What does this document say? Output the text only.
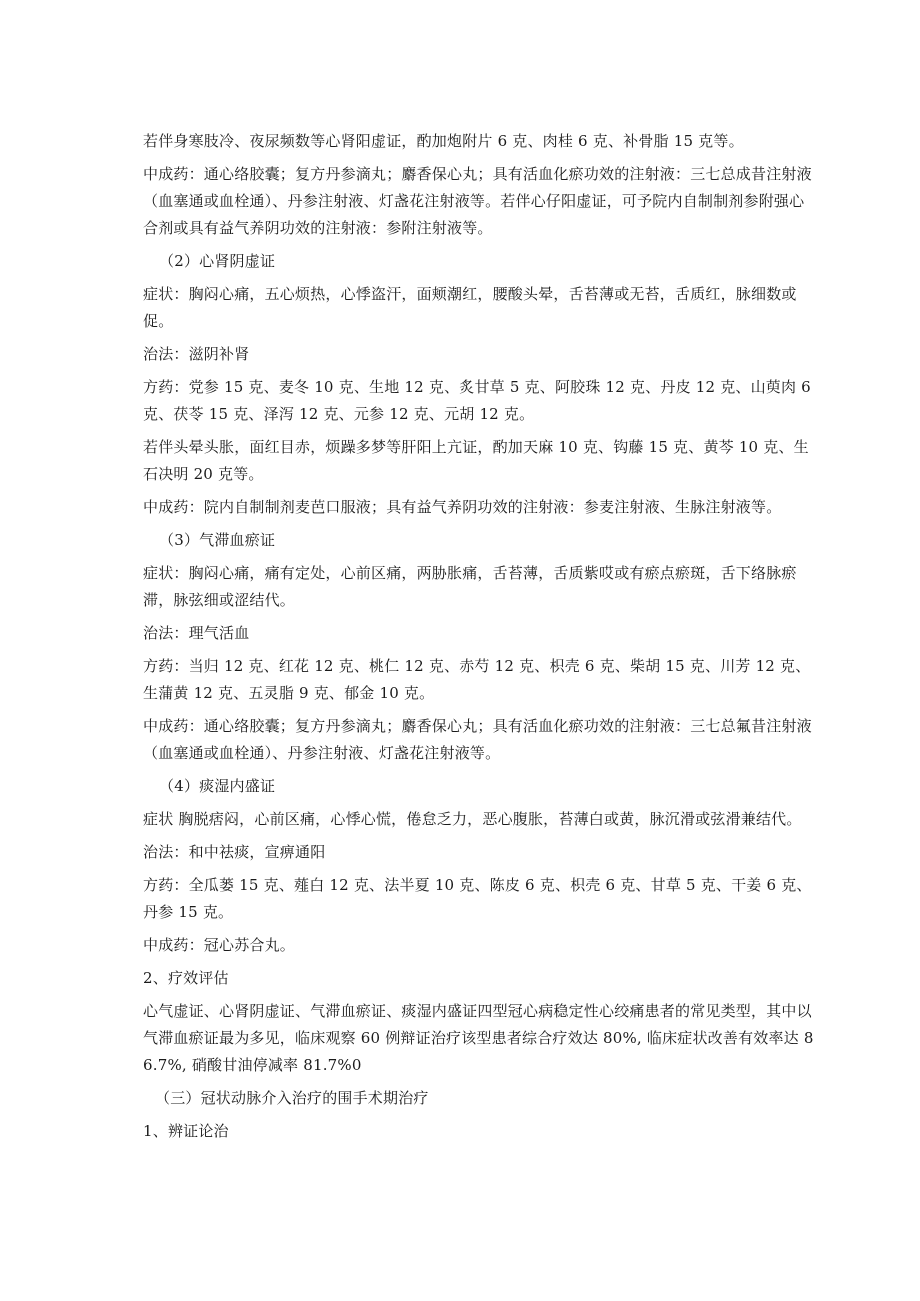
若伴身寒肢冷、夜尿频数等心肾阳虚证，酌加炮附片 6 克、肉桂 6 克、补骨脂 15 克等。

中成药：通心络胶囊；复方丹参滴丸；麝香保心丸；具有活血化瘀功效的注射液：三七总成昔注射液（血塞通或血栓通）、丹参注射液、灯盏花注射液等。若伴心仔阳虚证，可予院内自制制剂参附强心合剂或具有益气养阴功效的注射液：参附注射液等。

（2）心肾阴虚证

症状：胸闷心痛，五心烦热，心悸盗汗，面颊潮红，腰酸头晕，舌苔薄或无苔，舌质红，脉细数或促。

治法：滋阴补肾

方药：党参 15 克、麦冬 10 克、生地 12 克、炙甘草 5 克、阿胶珠 12 克、丹皮 12 克、山萸肉 6 克、茯苓 15 克、泽泻 12 克、元参 12 克、元胡 12 克。

若伴头晕头胀，面红目赤，烦躁多梦等肝阳上亢证，酌加天麻 10 克、钩藤 15 克、黄芩 10 克、生石决明 20 克等。

中成药：院内自制制剂麦芭口服液；具有益气养阴功效的注射液：参麦注射液、生脉注射液等。

（3）气滞血瘀证

症状：胸闷心痛，痛有定处，心前区痛，两胁胀痛，舌苔薄，舌质紫哎或有瘀点瘀斑，舌下络脉瘀滞，脉弦细或涩结代。

治法：理气活血

方药：当归 12 克、红花 12 克、桃仁 12 克、赤芍 12 克、枳壳 6 克、柴胡 15 克、川芳 12 克、生蒲黄 12 克、五灵脂 9 克、郁金 10 克。

中成药：通心络胶囊；复方丹参滴丸；麝香保心丸；具有活血化瘀功效的注射液：三七总氟昔注射液（血塞通或血栓通）、丹参注射液、灯盏花注射液等。

（4）痰湿内盛证

症状 胸脱痞闷，心前区痛，心悸心慌，倦怠乏力，恶心腹胀，苔薄白或黄，脉沉滑或弦滑兼结代。

治法：和中祛痰，宣痹通阳

方药：全瓜蒌 15 克、薤白 12 克、法半夏 10 克、陈皮 6 克、枳壳 6 克、甘草 5 克、干姜 6 克、丹参 15 克。

中成药：冠心苏合丸。

2、疗效评估

心气虚证、心肾阴虚证、气滞血瘀证、痰湿内盛证四型冠心病稳定性心绞痛患者的常见类型，其中以气滞血瘀证最为多见，临床观察 60 例辩证治疗该型患者综合疗效达 80%, 临床症状改善有效率达 86.7%, 硝酸甘油停减率 81.7%0

（三）冠状动脉介入治疗的围手术期治疗

1、辨证论治
